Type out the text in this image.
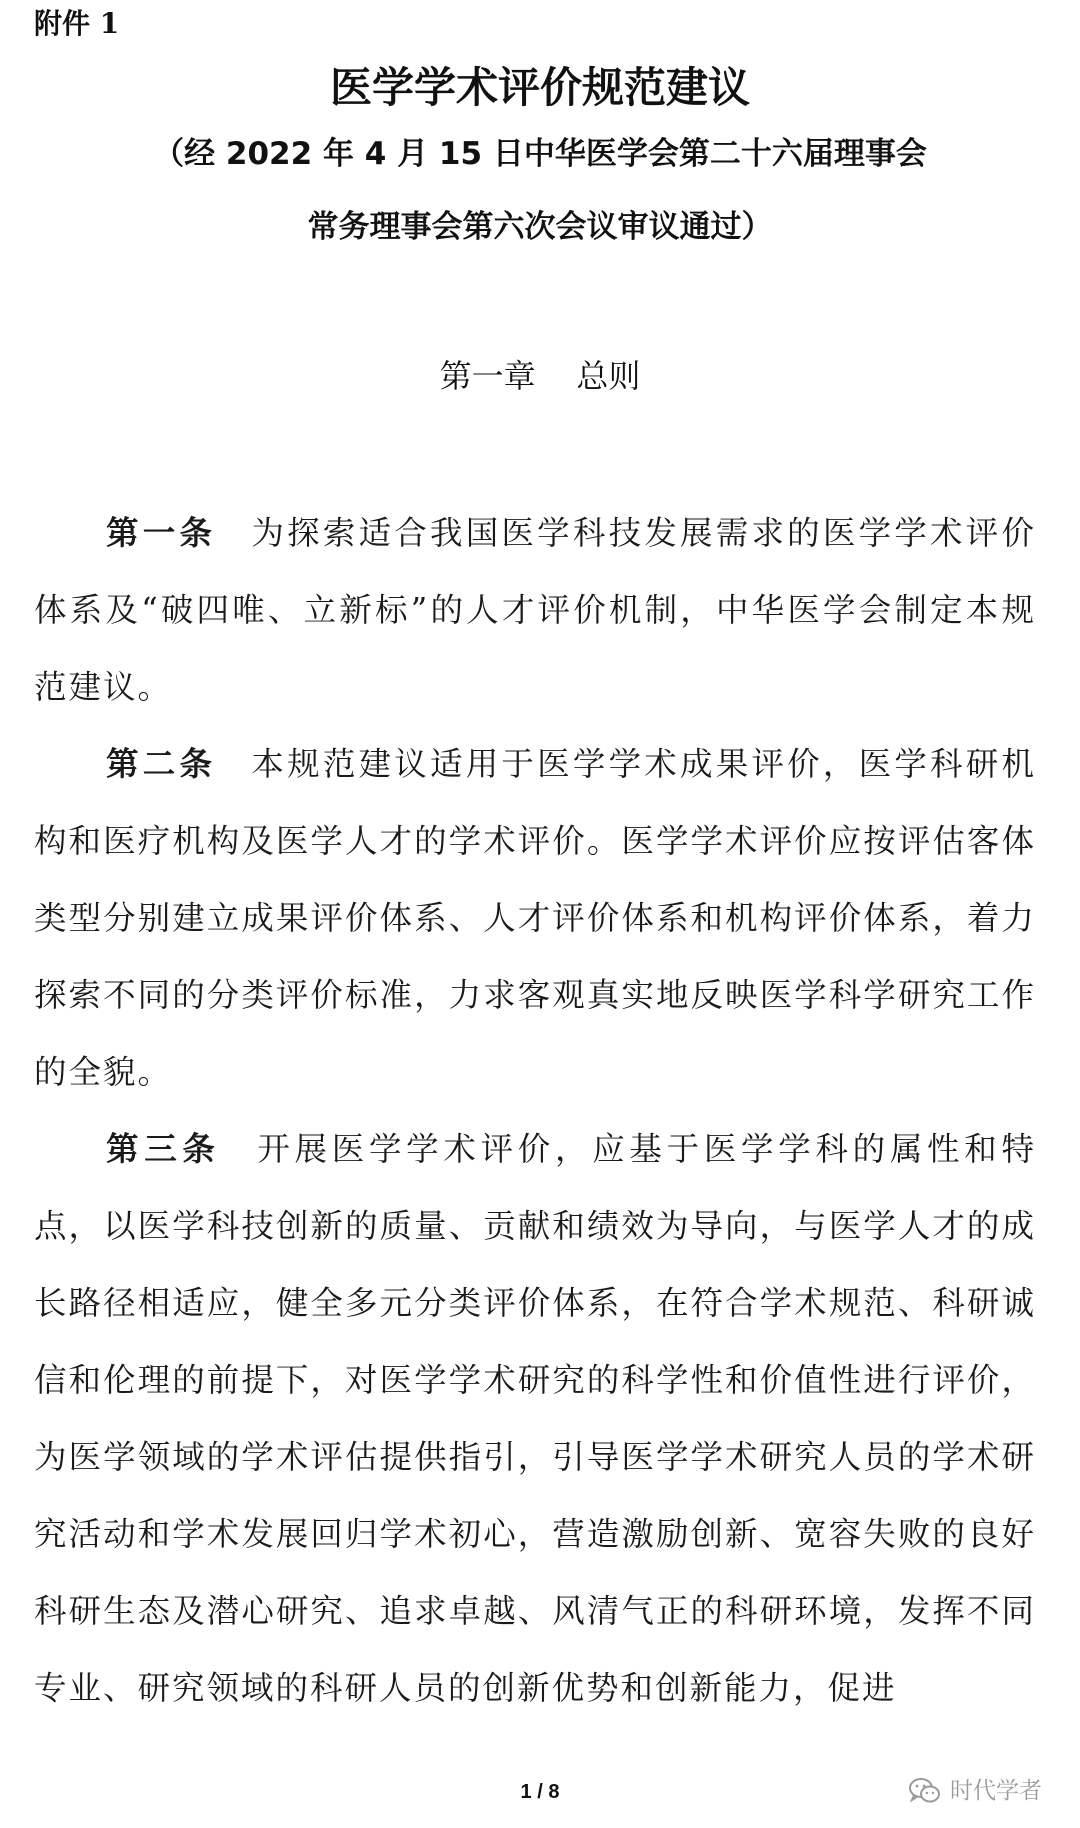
附件 1
医学学术评价规范建议
（经 2022 年 4 月 15 日中华医学会第二十六届理事会
常务理事会第六次会议审议通过）
第一章    总则

第一条 为探索适合我国医学科技发展需求的医学学术评价体系及“破四唯、立新标”的人才评价机制，中华医学会制定本规范建议。

第二条 本规范建议适用于医学学术成果评价，医学科研机构和医疗机构及医学人才的学术评价。医学学术评价应按评估客体类型分别建立成果评价体系、人才评价体系和机构评价体系，着力探索不同的分类评价标准，力求客观真实地反映医学科学研究工作的全貌。

第三条 开展医学学术评价，应基于医学学科的属性和特点，以医学科技创新的质量、贡献和绩效为导向，与医学人才的成长路径相适应，健全多元分类评价体系，在符合学术规范、科研诚信和伦理的前提下，对医学学术研究的科学性和价值性进行评价，为医学领域的学术评估提供指引，引导医学学术研究人员的学术研究活动和学术发展回归学术初心，营造激励创新、宽容失败的良好科研生态及潜心研究、追求卓越、风清气正的科研环境，发挥不同专业、研究领域的科研人员的创新优势和创新能力，促进

1 / 8	时代学者
